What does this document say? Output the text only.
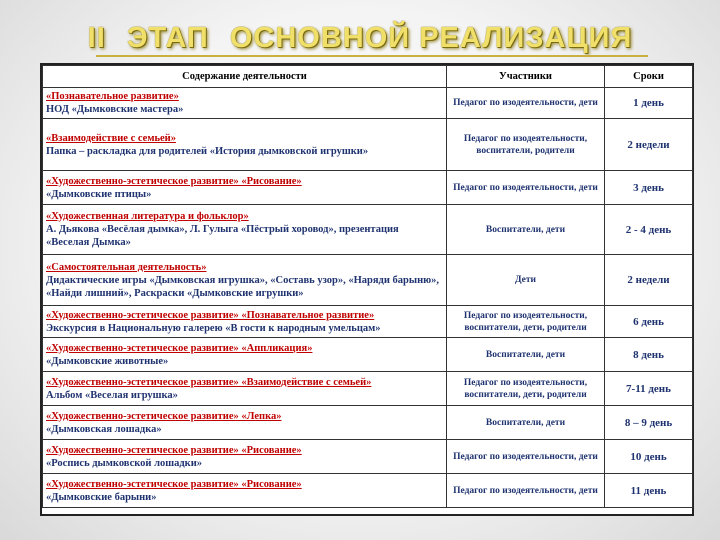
II ЭТАП ОСНОВНОЙ РЕАЛИЗАЦИЯ
Содержание деятельности	Участники	Сроки

«Познавательное развитие»
НОД «Дымковские мастера»	Педагог по изодеятельности, дети	1 день

«Взаимодействие с семьей»
Папка – раскладка для родителей «История дымковской игрушки»	Педагог по изодеятельности, воспитатели, родители	2 недели

«Художественно-эстетическое развитие» «Рисование»
«Дымковские птицы»	Педагог по изодеятельности, дети	3 день

«Художественная литература и фольклор»
А. Дьякова «Весёлая дымка», Л. Гулыга «Пёстрый хоровод», презентация «Веселая Дымка»	Воспитатели, дети	2 - 4 день

«Самостоятельная деятельность»
Дидактические игры «Дымковская игрушка», «Составь узор», «Наряди барыню», «Найди лишний», Раскраски «Дымковские игрушки»	Дети	2 недели

«Художественно-эстетическое развитие» «Познавательное развитие»
Экскурсия в Национальную галерею «В гости к народным умельцам»	Педагог по изодеятельности, воспитатели, дети, родители	6 день

«Художественно-эстетическое развитие» «Аппликация»
«Дымковские животные»	Воспитатели, дети	8 день

«Художественно-эстетическое развитие» «Взаимодействие с семьей»
Альбом «Веселая игрушка»	Педагог по изодеятельности, воспитатели, дети, родители	7-11 день

«Художественно-эстетическое развитие» «Лепка»
«Дымковская лошадка»	Воспитатели, дети	8 – 9 день

«Художественно-эстетическое развитие» «Рисование»
«Роспись дымковской лошадки»	Педагог по изодеятельности, дети	10 день

«Художественно-эстетическое развитие» «Рисование»
«Дымковские барыни»	Педагог по изодеятельности, дети	11 день
